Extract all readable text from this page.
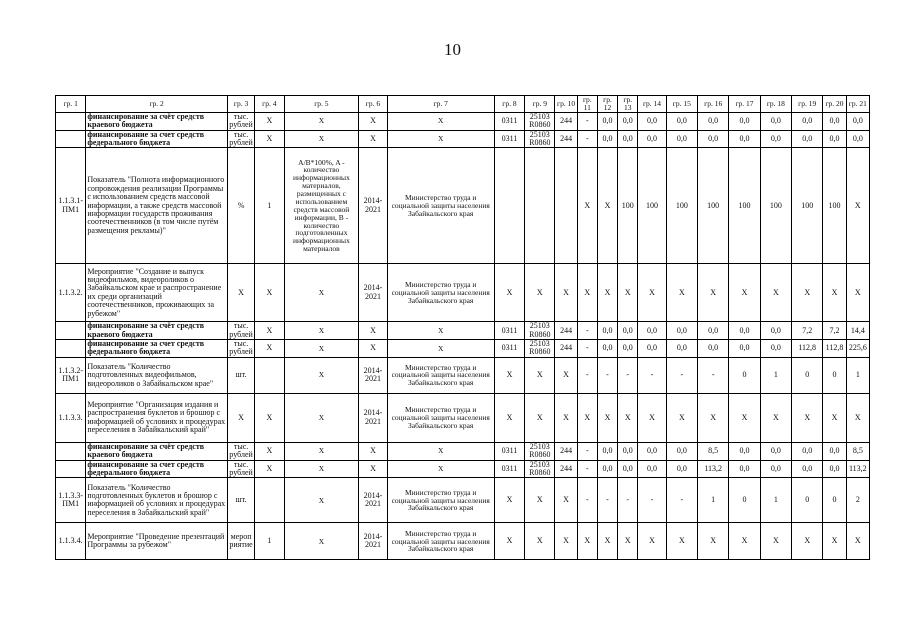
10
гр. 1	гр. 2	гр. 3	гр. 4	гр. 5	гр. 6	гр. 7	гр. 8	гр. 9	гр. 10	гр. 11	гр. 12	гр. 13	гр. 14	гр. 15	гр. 16	гр. 17	гр. 18	гр. 19	гр. 20	гр. 21
	финансирование за счёт средств краевого бюджета	тыс. рублей	X	X	X	X	0311	25103 R0860	244	-	0,0	0,0	0,0	0,0	0,0	0,0	0,0	0,0	0,0	0,0
	финансирование за счет средств федерального бюджета	тыс. рублей	X	X	X	X	0311	25103 R0860	244	-	0,0	0,0	0,0	0,0	0,0	0,0	0,0	0,0	0,0	0,0
1.1.3.1-ПМ1	Показатель "Полнота информационного сопровождения реализации Программы с использованием средств массовой информации, а также средств массовой информации государств проживания соотечественников (в том числе путём размещения рекламы)"	%	1	A/B*100%, A - количество информационных материалов, размещенных с использованием средств массовой информации, B - количество подготовленных информационных материалов	2014-2021	Министерство труда и социальной защиты населения Забайкальского края				X	X	100	100	100	100	100	100	100	100	X
1.1.3.2.	Мероприятие "Создание и выпуск видеофильмов, видеороликов о Забайкальском крае и распространение их среди организаций соотечественников, проживающих за рубежом"	X	X	X	2014-2021	Министерство труда и социальной защиты населения Забайкальского края	X	X	X	X	X	X	X	X	X	X	X	X	X	X
	финансирование за счёт средств краевого бюджета	тыс. рублей	X	X	X	X	0311	25103 R0860	244	-	0,0	0,0	0,0	0,0	0,0	0,0	0,0	7,2	7,2	14,4
	финансирование за счет средств федерального бюджета	тыс. рублей	X	X	X	X	0311	25103 R0860	244	-	0,0	0,0	0,0	0,0	0,0	0,0	0,0	112,8	112,8	225,6
1.1.3.2-ПМ1	Показатель "Количество подготовленных видеофильмов, видеороликов о Забайкальском крае"	шт.		X	2014-2021	Министерство труда и социальной защиты населения Забайкальского края	X	X	X	-	-	-	-	-	-	0	1	0	0	1
1.1.3.3.	Мероприятие "Организация издания и распространения буклетов и брошюр с информацией об условиях и процедурах переселения в Забайкальский край"	X	X	X	2014-2021	Министерство труда и социальной защиты населения Забайкальского края	X	X	X	X	X	X	X	X	X	X	X	X	X	X
	финансирование за счёт средств краевого бюджета	тыс. рублей	X	X	X	X	0311	25103 R0860	244	-	0,0	0,0	0,0	0,0	8,5	0,0	0,0	0,0	0,0	8,5
	финансирование за счет средств федерального бюджета	тыс. рублей	X	X	X	X	0311	25103 R0860	244	-	0,0	0,0	0,0	0,0	113,2	0,0	0,0	0,0	0,0	113,2
1.1.3.3-ПМ1	Показатель "Количество подготовленных буклетов и брошюр с информацией об условиях и процедурах переселения в Забайкальский край"	шт.		X	2014-2021	Министерство труда и социальной защиты населения Забайкальского края	X	X	X	-	-	-	-	-	1	0	1	0	0	2
1.1.3.4.	Мероприятие "Проведение презентаций Программы за рубежом"	мероприятие	1	X	2014-2021	Министерство труда и социальной защиты населения Забайкальского края	X	X	X	X	X	X	X	X	X	X	X	X	X	X
